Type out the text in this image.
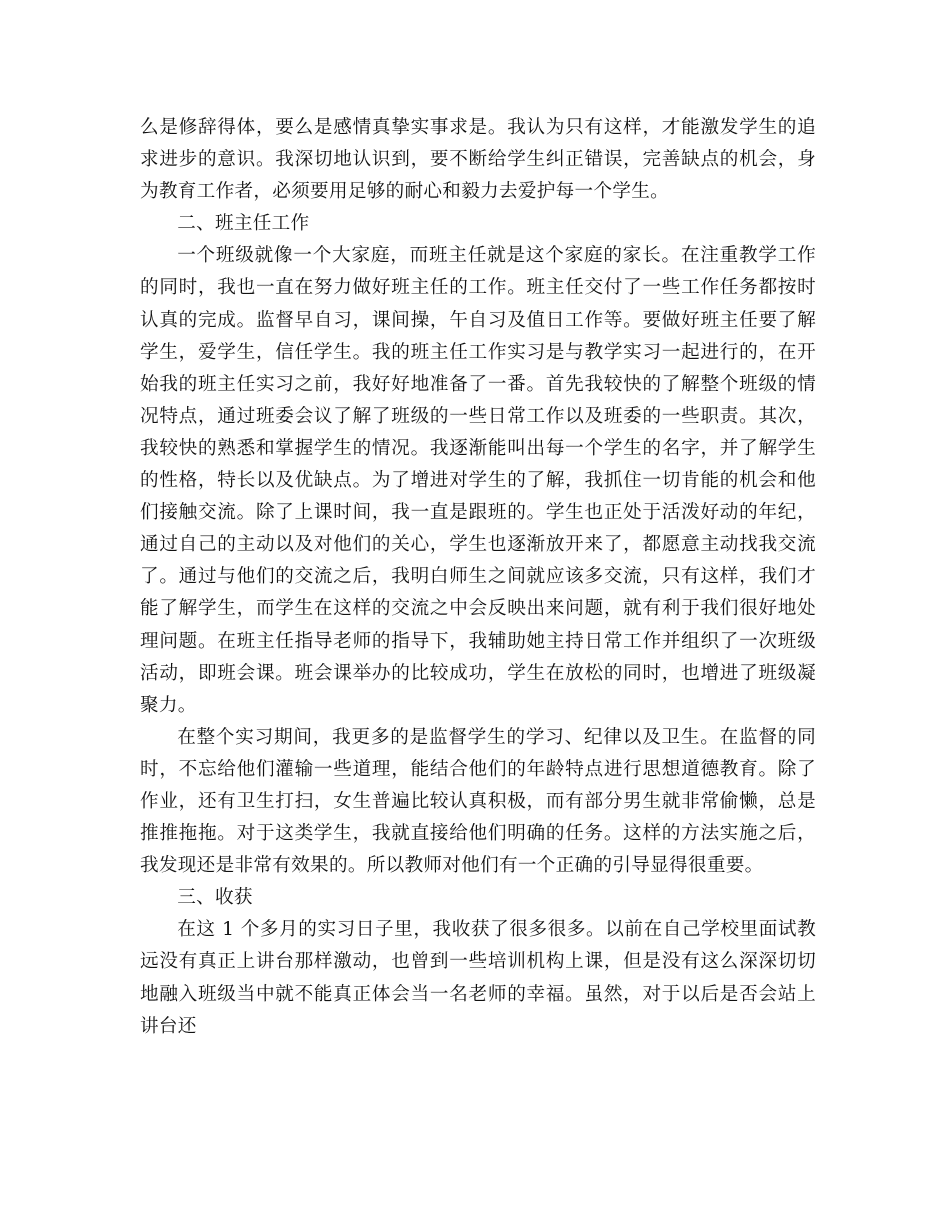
么是修辞得体，要么是感情真挚实事求是。我认为只有这样，才能激发学生的追求进步的意识。我深切地认识到，要不断给学生纠正错误，完善缺点的机会，身为教育工作者，必须要用足够的耐心和毅力去爱护每一个学生。

二、班主任工作

一个班级就像一个大家庭，而班主任就是这个家庭的家长。在注重教学工作的同时，我也一直在努力做好班主任的工作。班主任交付了一些工作任务都按时认真的完成。监督早自习，课间操，午自习及值日工作等。要做好班主任要了解学生，爱学生，信任学生。我的班主任工作实习是与教学实习一起进行的，在开始我的班主任实习之前，我好好地准备了一番。首先我较快的了解整个班级的情况特点，通过班委会议了解了班级的一些日常工作以及班委的一些职责。其次，我较快的熟悉和掌握学生的情况。我逐渐能叫出每一个学生的名字，并了解学生的性格，特长以及优缺点。为了增进对学生的了解，我抓住一切肯能的机会和他们接触交流。除了上课时间，我一直是跟班的。学生也正处于活泼好动的年纪，通过自己的主动以及对他们的关心，学生也逐渐放开来了，都愿意主动找我交流了。通过与他们的交流之后，我明白师生之间就应该多交流，只有这样，我们才能了解学生，而学生在这样的交流之中会反映出来问题，就有利于我们很好地处理问题。在班主任指导老师的指导下，我辅助她主持日常工作并组织了一次班级活动，即班会课。班会课举办的比较成功，学生在放松的同时，也增进了班级凝聚力。

在整个实习期间，我更多的是监督学生的学习、纪律以及卫生。在监督的同时，不忘给他们灌输一些道理，能结合他们的年龄特点进行思想道德教育。除了作业，还有卫生打扫，女生普遍比较认真积极，而有部分男生就非常偷懒，总是推推拖拖。对于这类学生，我就直接给他们明确的任务。这样的方法实施之后，我发现还是非常有效果的。所以教师对他们有一个正确的引导显得很重要。

三、收获

在这 1 个多月的实习日子里，我收获了很多很多。以前在自己学校里面试教远没有真正上讲台那样激动，也曾到一些培训机构上课，但是没有这么深深切切地融入班级当中就不能真正体会当一名老师的幸福。虽然，对于以后是否会站上讲台还
